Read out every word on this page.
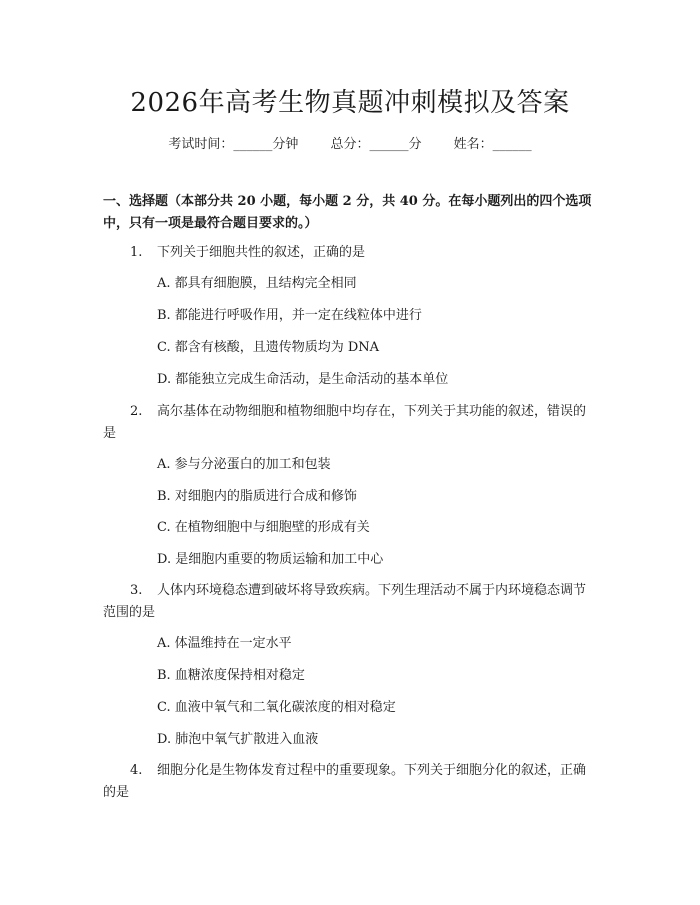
2026年高考生物真题冲刺模拟及答案
考试时间：______分钟 总分：______分 姓名：______
一、选择题（本部分共 20 小题，每小题 2 分，共 40 分。在每小题列出的四个选项中，只有一项是最符合题目要求的。）
1. 下列关于细胞共性的叙述，正确的是
A. 都具有细胞膜，且结构完全相同
B. 都能进行呼吸作用，并一定在线粒体中进行
C. 都含有核酸，且遗传物质均为 DNA
D. 都能独立完成生命活动，是生命活动的基本单位
2. 高尔基体在动物细胞和植物细胞中均存在，下列关于其功能的叙述，错误的是
A. 参与分泌蛋白的加工和包装
B. 对细胞内的脂质进行合成和修饰
C. 在植物细胞中与细胞壁的形成有关
D. 是细胞内重要的物质运输和加工中心
3. 人体内环境稳态遭到破坏将导致疾病。下列生理活动不属于内环境稳态调节范围的是
A. 体温维持在一定水平
B. 血糖浓度保持相对稳定
C. 血液中氧气和二氧化碳浓度的相对稳定
D. 肺泡中氧气扩散进入血液
4. 细胞分化是生物体发育过程中的重要现象。下列关于细胞分化的叙述，正确的是
